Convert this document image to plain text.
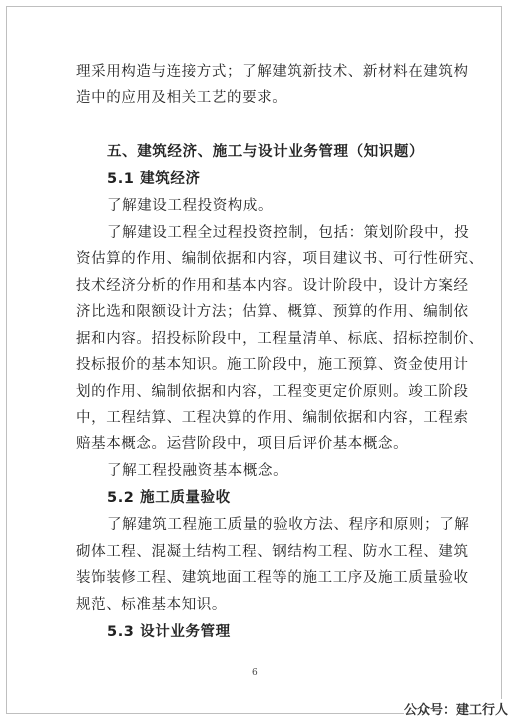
理采用构造与连接方式；了解建筑新技术、新材料在建筑构
造中的应用及相关工艺的要求。
五、建筑经济、施工与设计业务管理（知识题）
5.1 建筑经济
了解建设工程投资构成。
了解建设工程全过程投资控制，包括：策划阶段中，投
资估算的作用、编制依据和内容，项目建议书、可行性研究、
技术经济分析的作用和基本内容。设计阶段中，设计方案经
济比选和限额设计方法；估算、概算、预算的作用、编制依
据和内容。招投标阶段中，工程量清单、标底、招标控制价、
投标报价的基本知识。施工阶段中，施工预算、资金使用计
划的作用、编制依据和内容，工程变更定价原则。竣工阶段
中，工程结算、工程决算的作用、编制依据和内容，工程索
赔基本概念。运营阶段中，项目后评价基本概念。
了解工程投融资基本概念。
5.2 施工质量验收
了解建筑工程施工质量的验收方法、程序和原则；了解
砌体工程、混凝土结构工程、钢结构工程、防水工程、建筑
装饰装修工程、建筑地面工程等的施工工序及施工质量验收
规范、标准基本知识。
5.3 设计业务管理
6
公众号：建工行人
